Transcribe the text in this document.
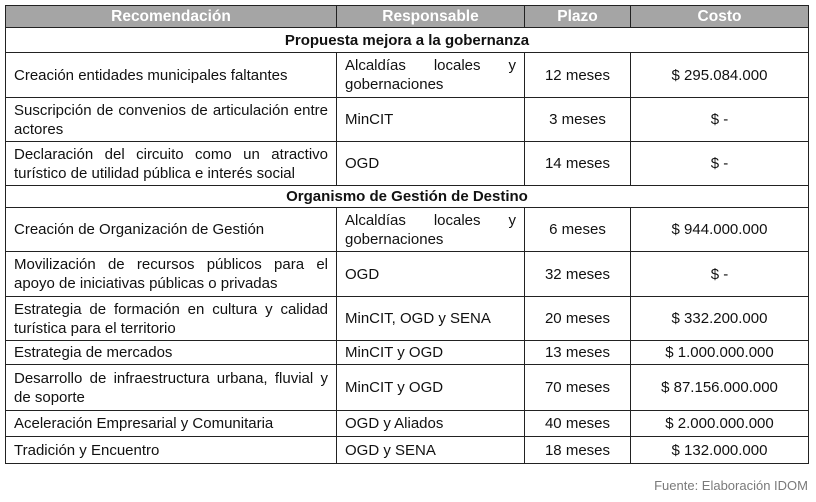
Recomendación	Responsable	Plazo	Costo
Propuesta mejora a la gobernanza			
Creación entidades municipales faltantes	Alcaldías locales y gobernaciones	12 meses	$ 295.084.000
Suscripción de convenios de articulación entre actores	MinCIT	3 meses	$ -
Declaración del circuito como un atractivo turístico de utilidad pública e interés social	OGD	14 meses	$ -
Organismo de Gestión de Destino			
Creación de Organización de Gestión	Alcaldías locales y gobernaciones	6 meses	$ 944.000.000
Movilización de recursos públicos para el apoyo de iniciativas públicas o privadas	OGD	32 meses	$ -
Estrategia de formación en cultura y calidad turística para el territorio	MinCIT, OGD y SENA	20 meses	$ 332.200.000
Estrategia de mercados	MinCIT y OGD	13 meses	$ 1.000.000.000
Desarrollo de infraestructura urbana, fluvial y de soporte	MinCIT y OGD	70 meses	$ 87.156.000.000
Aceleración Empresarial y Comunitaria	OGD y Aliados	40 meses	$ 2.000.000.000
Tradición y Encuentro	OGD y SENA	18 meses	$ 132.000.000
Fuente: Elaboración IDOM
